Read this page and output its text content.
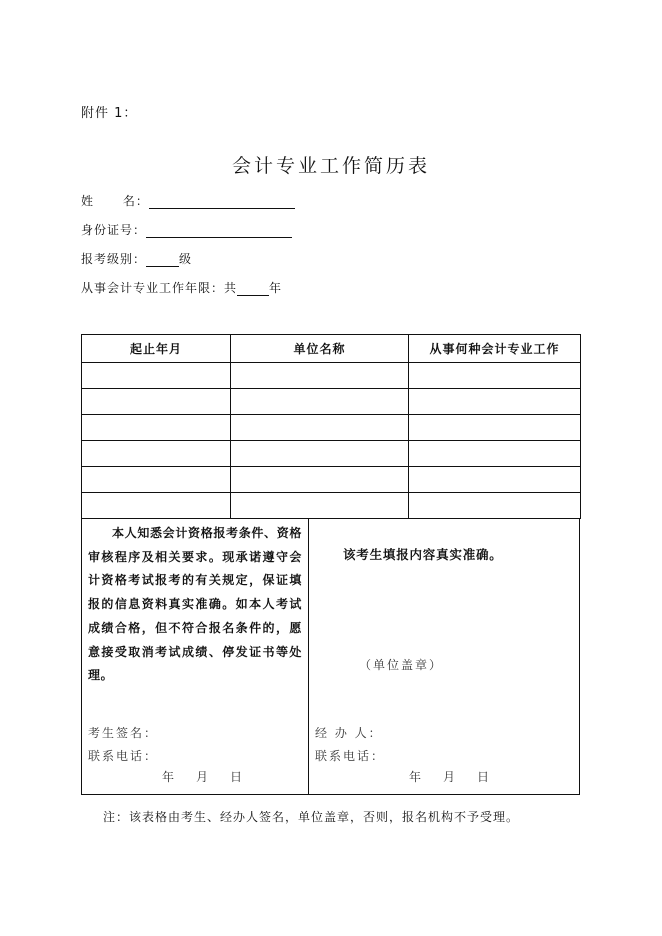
附件 1：
会计专业工作简历表
姓      名：
身份证号：
报考级别：	级
从事会计专业工作年限：共	年
起止年月	单位名称	从事何种会计专业工作

本人知悉会计资格报考条件、资格审核程序及相关要求。现承诺遵守会计资格考试报考的有关规定，保证填报的信息资料真实准确。如本人考试成绩合格，但不符合报名条件的，愿意接受取消考试成绩、停发证书等处理。
考生签名：
联系电话：
年 月 日
该考生填报内容真实准确。
（单位盖章）
经 办 人：
联系电话：
年 月 日
注：该表格由考生、经办人签名，单位盖章，否则，报名机构不予受理。
